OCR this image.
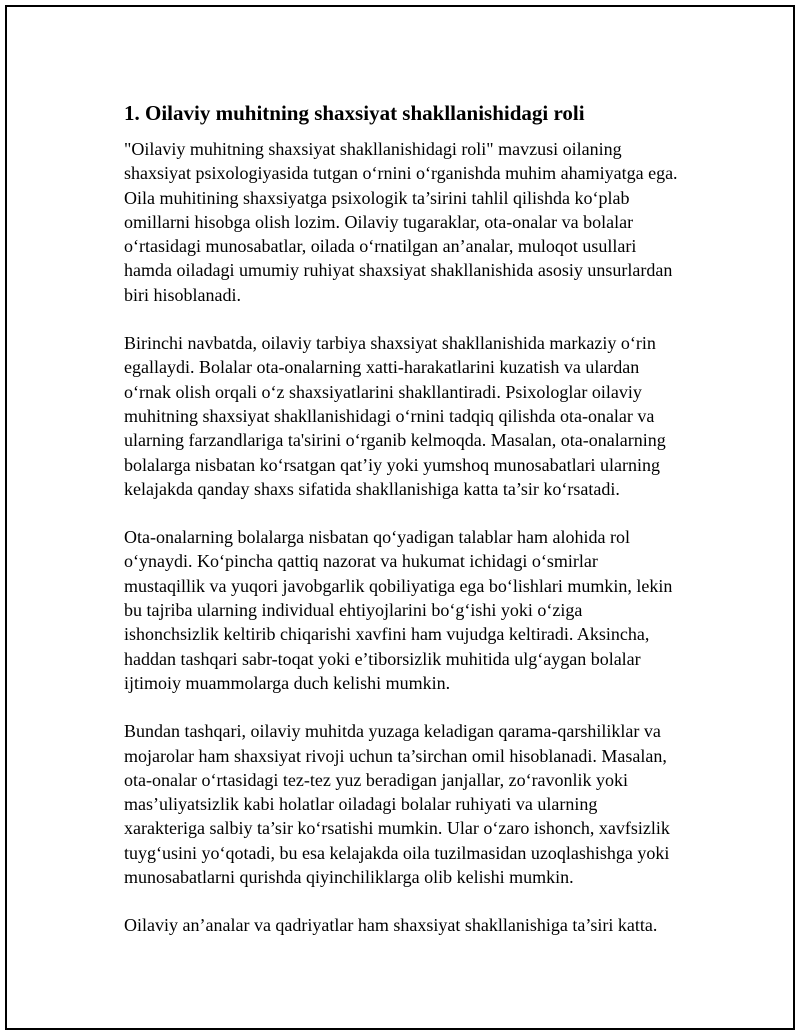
1. Oilaviy muhitning shaxsiyat shakllanishidagi roli

"Oilaviy muhitning shaxsiyat shakllanishidagi roli" mavzusi oilaning
shaxsiyat psixologiyasida tutgan o‘rnini o‘rganishda muhim ahamiyatga ega.
Oila muhitining shaxsiyatga psixologik ta’sirini tahlil qilishda ko‘plab
omillarni hisobga olish lozim. Oilaviy tugaraklar, ota-onalar va bolalar
o‘rtasidagi munosabatlar, oilada o‘rnatilgan an’analar, muloqot usullari
hamda oiladagi umumiy ruhiyat shaxsiyat shakllanishida asosiy unsurlardan
biri hisoblanadi.

Birinchi navbatda, oilaviy tarbiya shaxsiyat shakllanishida markaziy o‘rin
egallaydi. Bolalar ota-onalarning xatti-harakatlarini kuzatish va ulardan
o‘rnak olish orqali o‘z shaxsiyatlarini shakllantiradi. Psixologlar oilaviy
muhitning shaxsiyat shakllanishidagi o‘rnini tadqiq qilishda ota-onalar va
ularning farzandlariga ta'sirini o‘rganib kelmoqda. Masalan, ota-onalarning
bolalarga nisbatan ko‘rsatgan qat’iy yoki yumshoq munosabatlari ularning
kelajakda qanday shaxs sifatida shakllanishiga katta ta’sir ko‘rsatadi.

Ota-onalarning bolalarga nisbatan qo‘yadigan talablar ham alohida rol
o‘ynaydi. Ko‘pincha qattiq nazorat va hukumat ichidagi o‘smirlar
mustaqillik va yuqori javobgarlik qobiliyatiga ega bo‘lishlari mumkin, lekin
bu tajriba ularning individual ehtiyojlarini bo‘g‘ishi yoki o‘ziga
ishonchsizlik keltirib chiqarishi xavfini ham vujudga keltiradi. Aksincha,
haddan tashqari sabr-toqat yoki e’tiborsizlik muhitida ulg‘aygan bolalar
ijtimoiy muammolarga duch kelishi mumkin.

Bundan tashqari, oilaviy muhitda yuzaga keladigan qarama-qarshiliklar va
mojarolar ham shaxsiyat rivoji uchun ta’sirchan omil hisoblanadi. Masalan,
ota-onalar o‘rtasidagi tez-tez yuz beradigan janjallar, zo‘ravonlik yoki
mas’uliyatsizlik kabi holatlar oiladagi bolalar ruhiyati va ularning
xarakteriga salbiy ta’sir ko‘rsatishi mumkin. Ular o‘zaro ishonch, xavfsizlik
tuyg‘usini yo‘qotadi, bu esa kelajakda oila tuzilmasidan uzoqlashishga yoki
munosabatlarni qurishda qiyinchiliklarga olib kelishi mumkin.

Oilaviy an’analar va qadriyatlar ham shaxsiyat shakllanishiga ta’siri katta.
